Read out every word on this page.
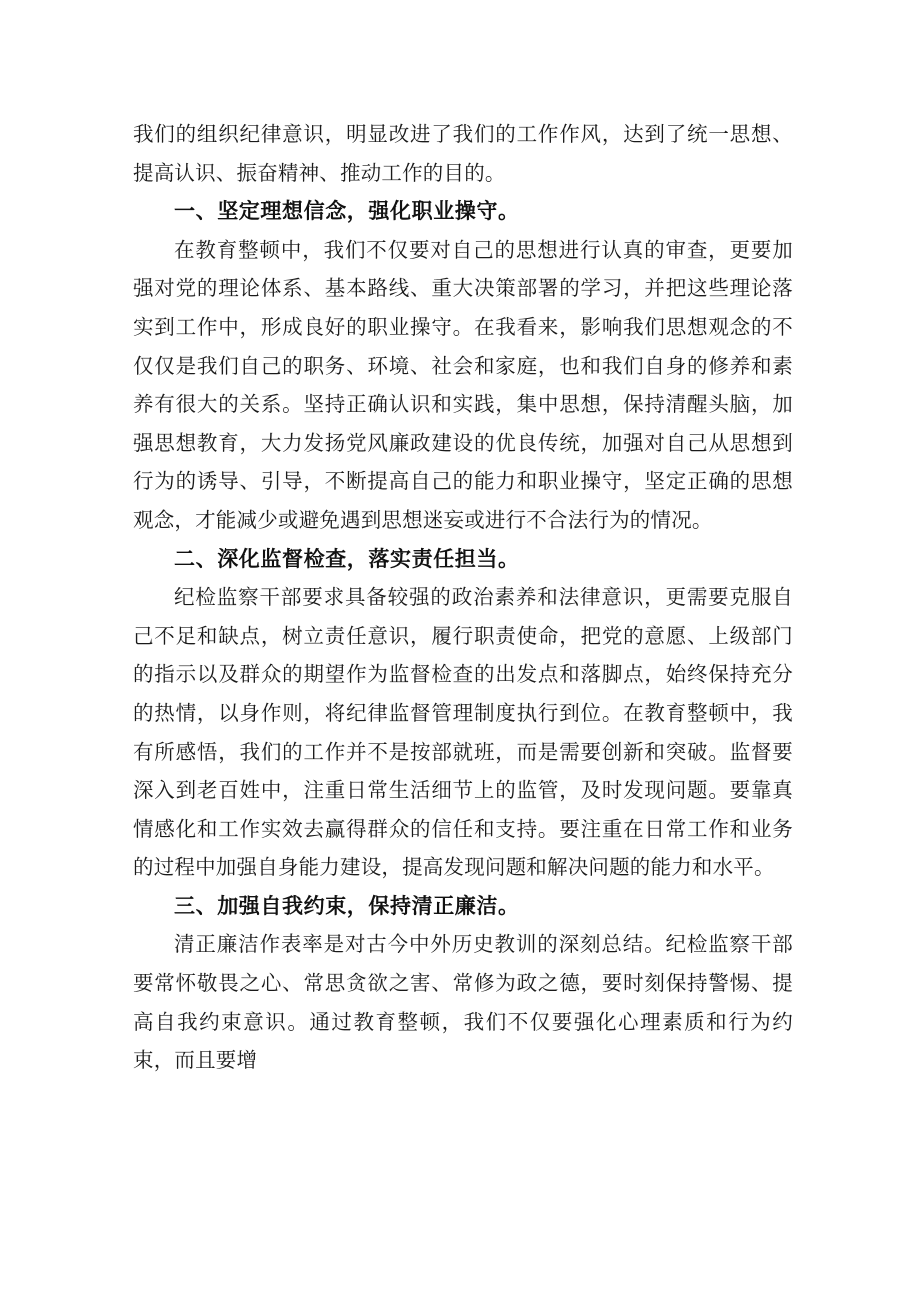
我们的组织纪律意识，明显改进了我们的工作作风，达到了统一思想、提高认识、振奋精神、推动工作的目的。

一、坚定理想信念，强化职业操守。

在教育整顿中，我们不仅要对自己的思想进行认真的审查，更要加强对党的理论体系、基本路线、重大决策部署的学习，并把这些理论落实到工作中，形成良好的职业操守。在我看来，影响我们思想观念的不仅仅是我们自己的职务、环境、社会和家庭，也和我们自身的修养和素养有很大的关系。坚持正确认识和实践，集中思想，保持清醒头脑，加强思想教育，大力发扬党风廉政建设的优良传统，加强对自己从思想到行为的诱导、引导，不断提高自己的能力和职业操守，坚定正确的思想观念，才能减少或避免遇到思想迷妄或进行不合法行为的情况。

二、深化监督检查，落实责任担当。

纪检监察干部要求具备较强的政治素养和法律意识，更需要克服自己不足和缺点，树立责任意识，履行职责使命，把党的意愿、上级部门的指示以及群众的期望作为监督检查的出发点和落脚点，始终保持充分的热情，以身作则，将纪律监督管理制度执行到位。在教育整顿中，我有所感悟，我们的工作并不是按部就班，而是需要创新和突破。监督要深入到老百姓中，注重日常生活细节上的监管，及时发现问题。要靠真情感化和工作实效去赢得群众的信任和支持。要注重在日常工作和业务的过程中加强自身能力建设，提高发现问题和解决问题的能力和水平。

三、加强自我约束，保持清正廉洁。

清正廉洁作表率是对古今中外历史教训的深刻总结。纪检监察干部要常怀敬畏之心、常思贪欲之害、常修为政之德，要时刻保持警惕、提高自我约束意识。通过教育整顿，我们不仅要强化心理素质和行为约束，而且要增
